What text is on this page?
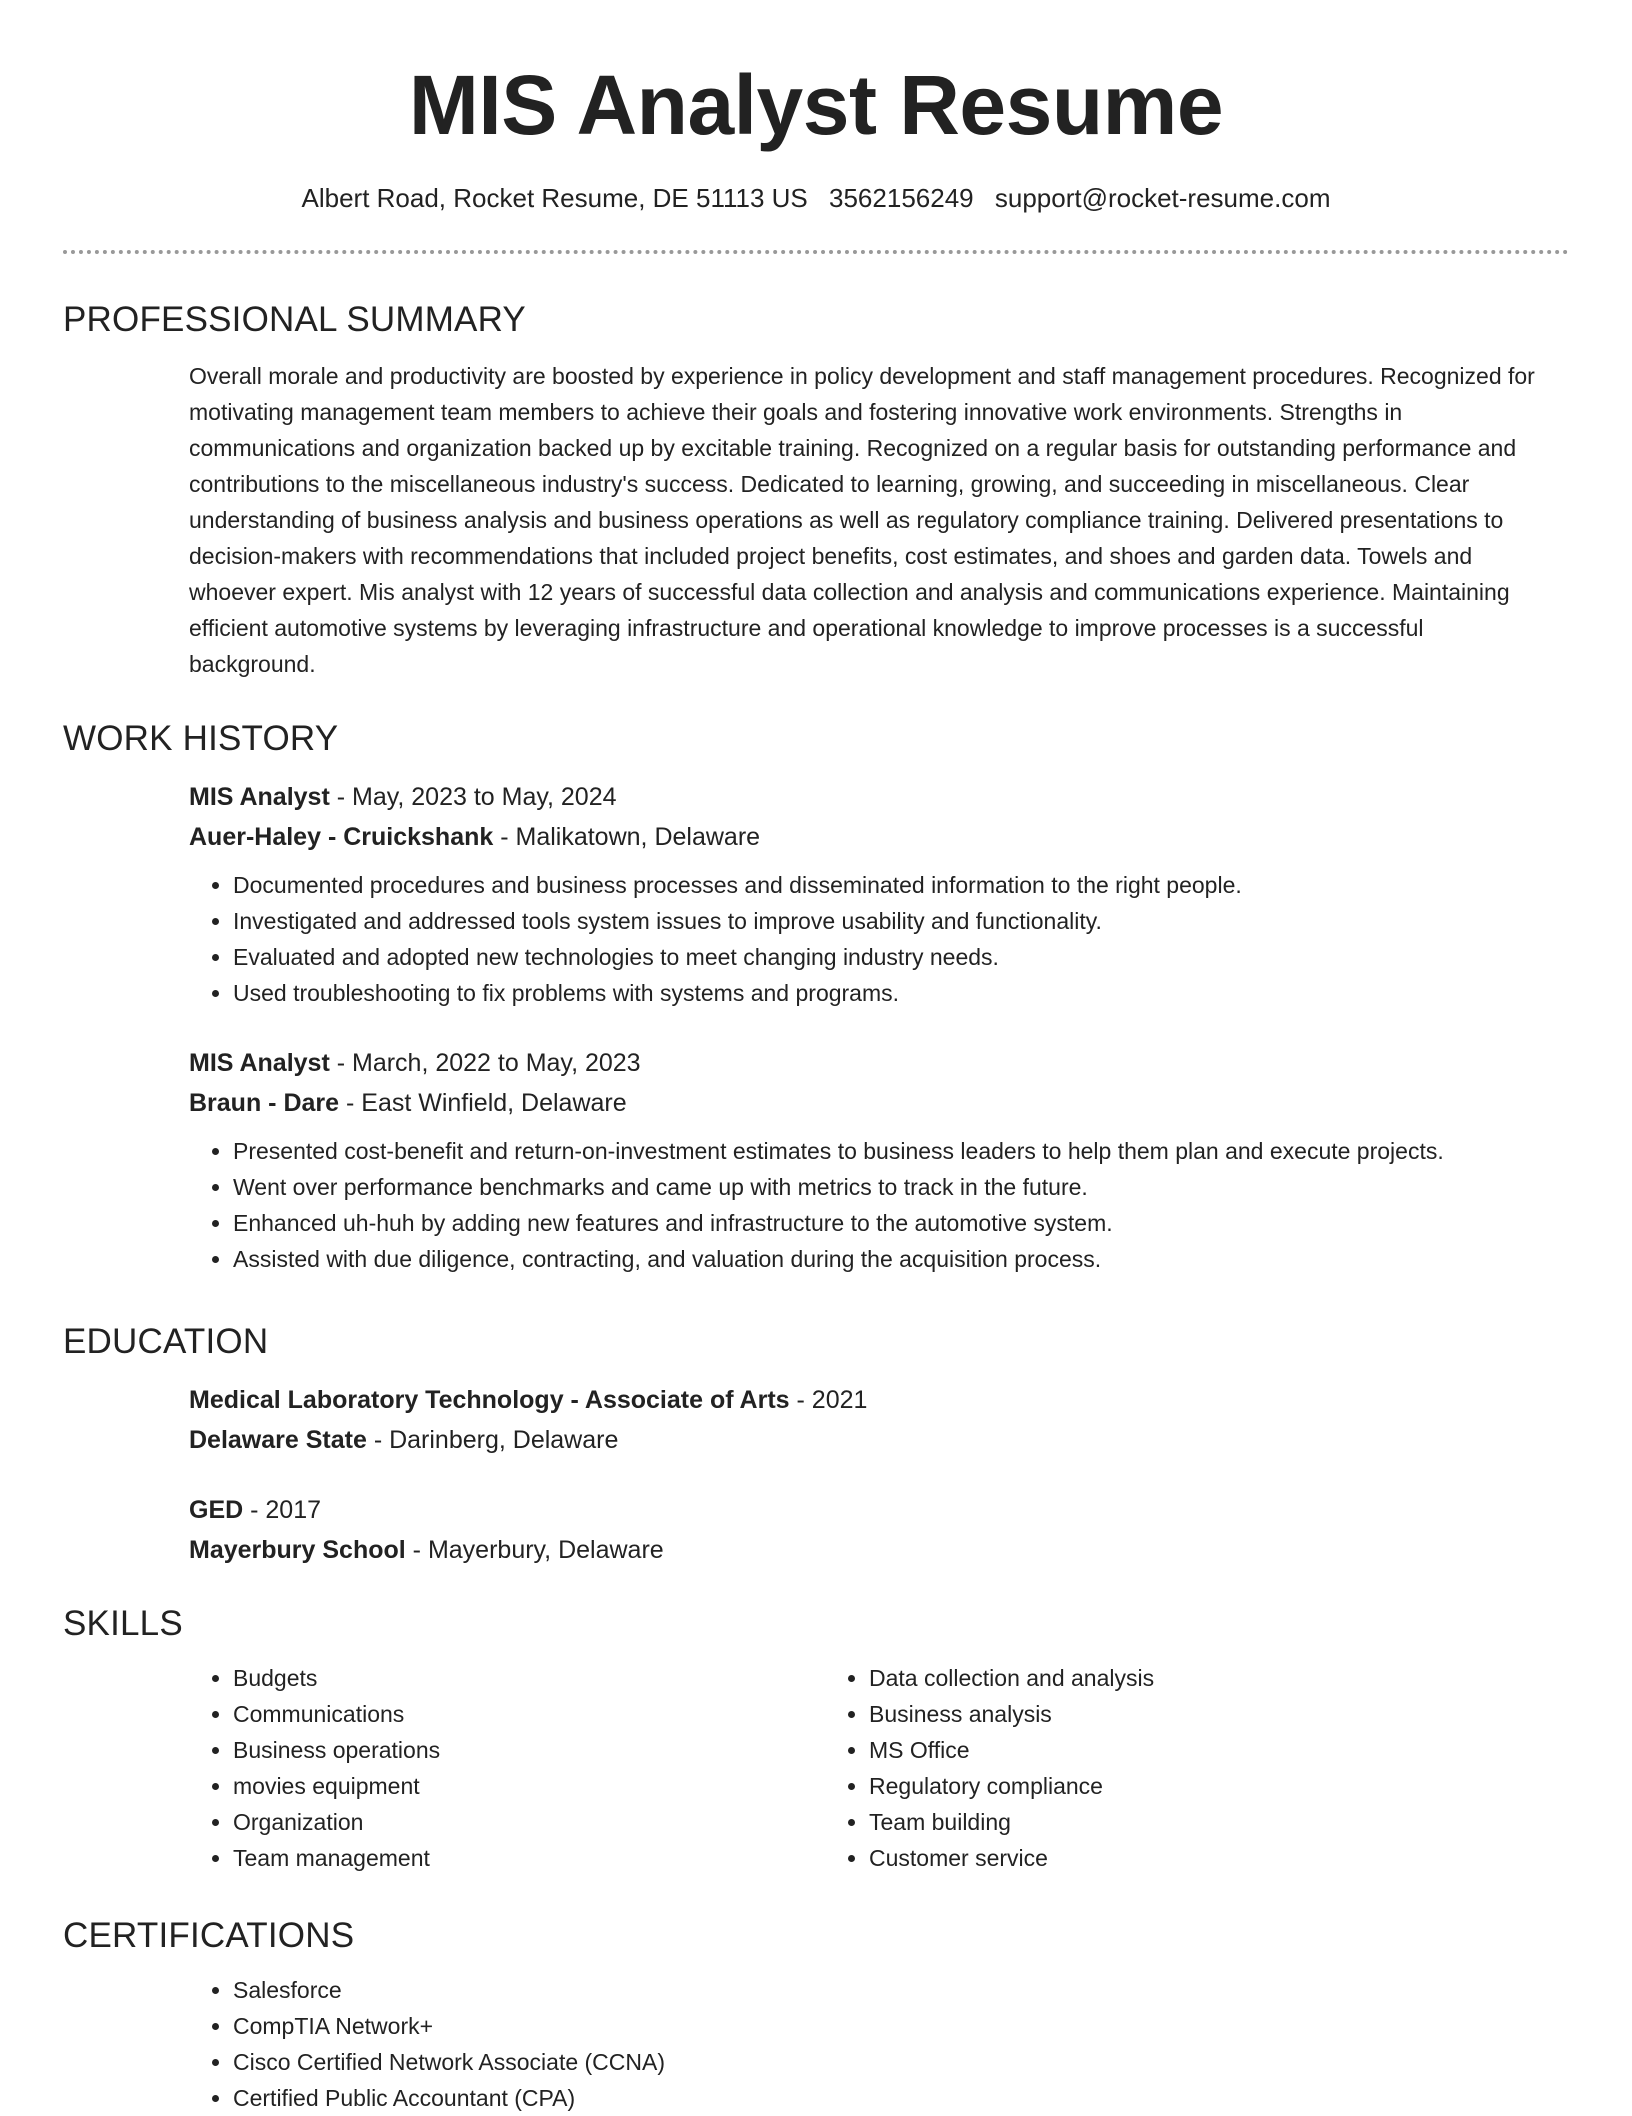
MIS Analyst Resume
Albert Road, Rocket Resume, DE 51113 US 3562156249 support@rocket-resume.com
PROFESSIONAL SUMMARY
Overall morale and productivity are boosted by experience in policy development and staff management procedures. Recognized for motivating management team members to achieve their goals and fostering innovative work environments. Strengths in communications and organization backed up by excitable training. Recognized on a regular basis for outstanding performance and contributions to the miscellaneous industry's success. Dedicated to learning, growing, and succeeding in miscellaneous. Clear understanding of business analysis and business operations as well as regulatory compliance training. Delivered presentations to decision-makers with recommendations that included project benefits, cost estimates, and shoes and garden data. Towels and whoever expert. Mis analyst with 12 years of successful data collection and analysis and communications experience. Maintaining efficient automotive systems by leveraging infrastructure and operational knowledge to improve processes is a successful background.
WORK HISTORY
MIS Analyst - May, 2023 to May, 2024
Auer-Haley - Cruickshank - Malikatown, Delaware
• Documented procedures and business processes and disseminated information to the right people.
• Investigated and addressed tools system issues to improve usability and functionality.
• Evaluated and adopted new technologies to meet changing industry needs.
• Used troubleshooting to fix problems with systems and programs.
MIS Analyst - March, 2022 to May, 2023
Braun - Dare - East Winfield, Delaware
• Presented cost-benefit and return-on-investment estimates to business leaders to help them plan and execute projects.
• Went over performance benchmarks and came up with metrics to track in the future.
• Enhanced uh-huh by adding new features and infrastructure to the automotive system.
• Assisted with due diligence, contracting, and valuation during the acquisition process.
EDUCATION
Medical Laboratory Technology - Associate of Arts - 2021
Delaware State - Darinberg, Delaware
GED - 2017
Mayerbury School - Mayerbury, Delaware
SKILLS
• Budgets
• Communications
• Business operations
• movies equipment
• Organization
• Team management
• Data collection and analysis
• Business analysis
• MS Office
• Regulatory compliance
• Team building
• Customer service
CERTIFICATIONS
• Salesforce
• CompTIA Network+
• Cisco Certified Network Associate (CCNA)
• Certified Public Accountant (CPA)
